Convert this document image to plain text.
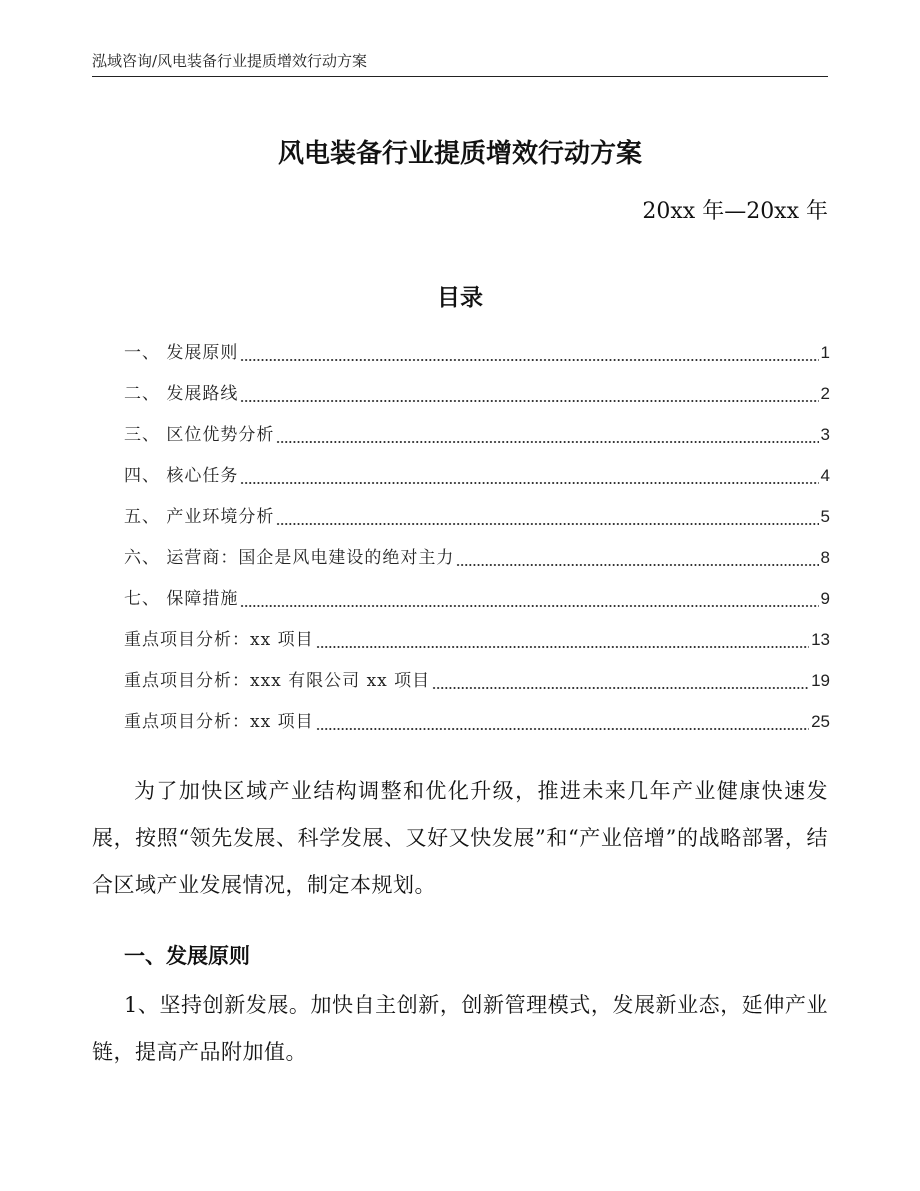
泓域咨询/风电装备行业提质增效行动方案
风电装备行业提质增效行动方案
20xx 年—20xx 年
目录
一、 发展原则	1
二、 发展路线	2
三、 区位优势分析	3
四、 核心任务	4
五、 产业环境分析	5
六、 运营商：国企是风电建设的绝对主力	8
七、 保障措施	9
重点项目分析：xx 项目	13
重点项目分析：xxx 有限公司 xx 项目	19
重点项目分析：xx 项目	25

为了加快区域产业结构调整和优化升级，推进未来几年产业健康快速发展，按照“领先发展、科学发展、又好又快发展”和“产业倍增”的战略部署，结合区域产业发展情况，制定本规划。

一、发展原则

1、坚持创新发展。加快自主创新，创新管理模式，发展新业态，延伸产业链，提高产品附加值。
